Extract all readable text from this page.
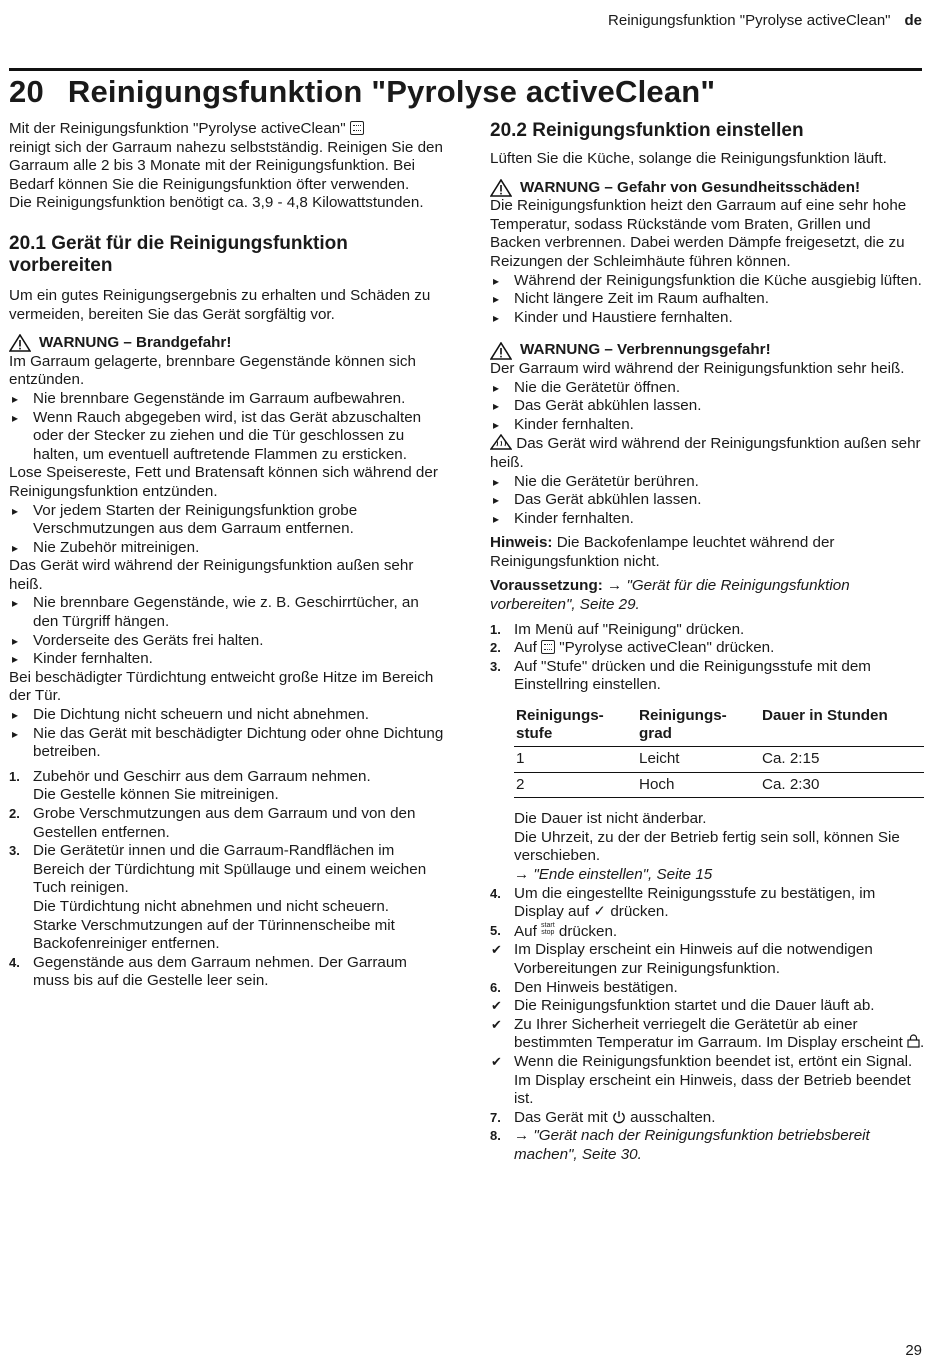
Reinigungsfunktion "Pyrolyse activeClean" de
20 Reinigungsfunktion "Pyrolyse activeClean"

Mit der Reinigungsfunktion "Pyrolyse activeClean"
reinigt sich der Garraum nahezu selbstständig. Reinigen Sie den Garraum alle 2 bis 3 Monate mit der Reinigungsfunktion. Bei Bedarf können Sie die Reinigungsfunktion öfter verwenden.

Die Reinigungsfunktion benötigt ca. 3,9 - 4,8 Kilowattstunden.

20.1 Gerät für die Reinigungsfunktion vorbereiten

Um ein gutes Reinigungsergebnis zu erhalten und Schäden zu vermeiden, bereiten Sie das Gerät sorgfältig vor.

WARNUNG – Brandgefahr!

Im Garraum gelagerte, brennbare Gegenstände können sich entzünden.

▸ Nie brennbare Gegenstände im Garraum aufbewahren.
▸ Wenn Rauch abgegeben wird, ist das Gerät abzuschalten oder der Stecker zu ziehen und die Tür geschlossen zu halten, um eventuell auftretende Flammen zu ersticken.

Lose Speisereste, Fett und Bratensaft können sich während der Reinigungsfunktion entzünden.

▸ Vor jedem Starten der Reinigungsfunktion grobe Verschmutzungen aus dem Garraum entfernen.
▸ Nie Zubehör mitreinigen.

Das Gerät wird während der Reinigungsfunktion außen sehr heiß.

▸ Nie brennbare Gegenstände, wie z. B. Geschirrtücher, an den Türgriff hängen.
▸ Vorderseite des Geräts frei halten.
▸ Kinder fernhalten.

Bei beschädigter Türdichtung entweicht große Hitze im Bereich der Tür.

▸ Die Dichtung nicht scheuern und nicht abnehmen.
▸ Nie das Gerät mit beschädigter Dichtung oder ohne Dichtung betreiben.
1. Zubehör und Geschirr aus dem Garraum nehmen.
Die Gestelle können Sie mitreinigen.
2. Grobe Verschmutzungen aus dem Garraum und von den Gestellen entfernen.
3. Die Gerätetür innen und die Garraum-Randflächen im Bereich der Türdichtung mit Spüllauge und einem weichen Tuch reinigen.
Die Türdichtung nicht abnehmen und nicht scheuern.
Starke Verschmutzungen auf der Türinnenscheibe mit Backofenreiniger entfernen.
4. Gegenstände aus dem Garraum nehmen. Der Garraum muss bis auf die Gestelle leer sein.
20.2 Reinigungsfunktion einstellen

Lüften Sie die Küche, solange die Reinigungsfunktion läuft.

WARNUNG – Gefahr von Gesundheitsschäden!

Die Reinigungsfunktion heizt den Garraum auf eine sehr hohe Temperatur, sodass Rückstände vom Braten, Grillen und Backen verbrennen. Dabei werden Dämpfe freigesetzt, die zu Reizungen der Schleimhäute führen können.

▸ Während der Reinigungsfunktion die Küche ausgiebig lüften.
▸ Nicht längere Zeit im Raum aufhalten.
▸ Kinder und Haustiere fernhalten.
WARNUNG – Verbrennungsgefahr!

Der Garraum wird während der Reinigungsfunktion sehr heiß.

▸ Nie die Gerätetür öffnen.
▸ Das Gerät abkühlen lassen.
▸ Kinder fernhalten.

Das Gerät wird während der Reinigungsfunktion außen sehr heiß.

▸ Nie die Gerätetür berühren.
▸ Das Gerät abkühlen lassen.
▸ Kinder fernhalten.

Hinweis: Die Backofenlampe leuchtet während der Reinigungsfunktion nicht.

Voraussetzung: → "Gerät für die Reinigungsfunktion vorbereiten", Seite 29.

1. Im Menü auf "Reinigung" drücken.
2. Auf "Pyrolyse activeClean" drücken.
3. Auf "Stufe" drücken und die Reinigungsstufe mit dem Einstellring einstellen.
Reinigungs-stufe	Reinigungs-grad	Dauer in Stunden
1	Leicht	Ca. 2:15
2	Hoch	Ca. 2:30

Die Dauer ist nicht änderbar.

Die Uhrzeit, zu der der Betrieb fertig sein soll, können Sie verschieben.

→ "Ende einstellen", Seite 15

4. Um die eingestellte Reinigungsstufe zu bestätigen, im Display auf ✓ drücken.
5. Auf start
stop drücken.
✔ Im Display erscheint ein Hinweis auf die notwendigen Vorbereitungen zur Reinigungsfunktion.
6. Den Hinweis bestätigen.
✔ Die Reinigungsfunktion startet und die Dauer läuft ab.
✔ Zu Ihrer Sicherheit verriegelt die Gerätetür ab einer bestimmten Temperatur im Garraum. Im Display erscheint .
✔ Wenn die Reinigungsfunktion beendet ist, ertönt ein Signal. Im Display erscheint ein Hinweis, dass der Betrieb beendet ist.
7. Das Gerät mit ausschalten.
8. → "Gerät nach der Reinigungsfunktion betriebsbereit machen", Seite 30.
29
